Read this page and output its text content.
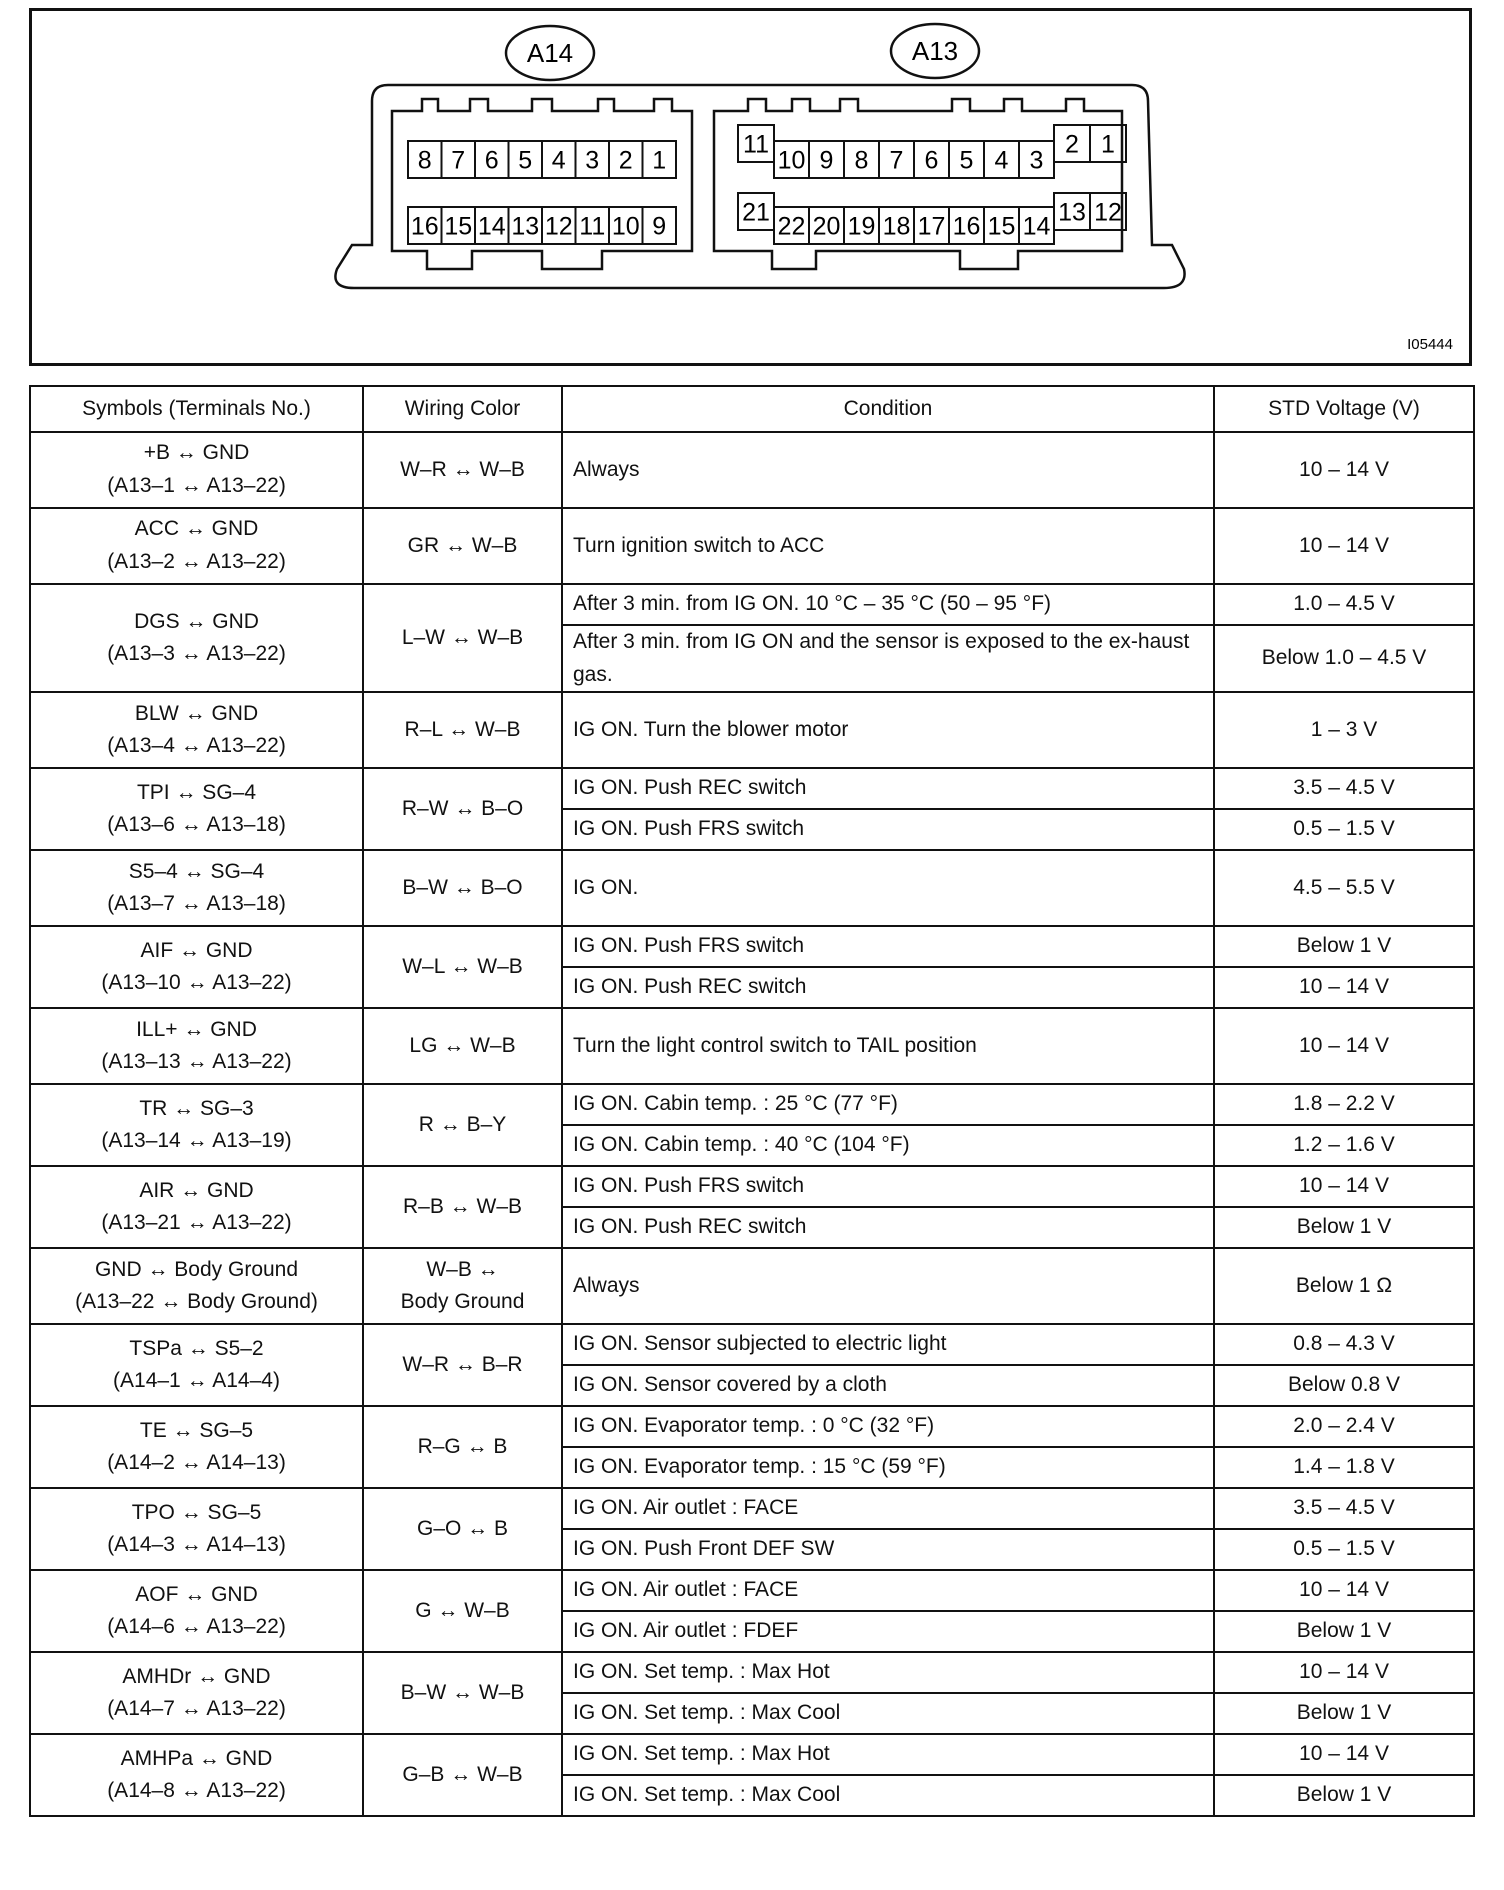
A14	A13
8 7 6 5 4 3 2 1
16 15 14 13 12 11 10 9
11
10 9 8 7 6 5 4 3
2 1
21 22 20 19 18 17 16 15 14 13 12
I05444
Symbols (Terminals No.)	Wiring Color	Condition	STD Voltage (V)

+B ↔ GND
(A13–1 ↔ A13–22)	W–R ↔ W–B	Always	10 – 14 V

ACC ↔ GND
(A13–2 ↔ A13–22)	GR ↔ W–B	Turn ignition switch to ACC	10 – 14 V

DGS ↔ GND
(A13–3 ↔ A13–22)	L–W ↔ W–B	After 3 min. from IG ON. 10 °C – 35 °C (50 – 95 °F)	1.0 – 4.5 V
		After 3 min. from IG ON and the sensor is exposed to the ex-haust gas.	Below 1.0 – 4.5 V

BLW ↔ GND
(A13–4 ↔ A13–22)	R–L ↔ W–B	IG ON. Turn the blower motor	1 – 3 V

TPI ↔ SG–4
(A13–6 ↔ A13–18)	R–W ↔ B–O	IG ON. Push REC switch	3.5 – 4.5 V
		IG ON. Push FRS switch	0.5 – 1.5 V

S5–4 ↔ SG–4
(A13–7 ↔ A13–18)	B–W ↔ B–O	IG ON.	4.5 – 5.5 V

AIF ↔ GND
(A13–10 ↔ A13–22)	W–L ↔ W–B	IG ON. Push FRS switch	Below 1 V
		IG ON. Push REC switch	10 – 14 V

ILL+ ↔ GND
(A13–13 ↔ A13–22)	LG ↔ W–B	Turn the light control switch to TAIL position	10 – 14 V

TR ↔ SG–3
(A13–14 ↔ A13–19)	R ↔ B–Y	IG ON. Cabin temp. : 25 °C (77 °F)	1.8 – 2.2 V
		IG ON. Cabin temp. : 40 °C (104 °F)	1.2 – 1.6 V

AIR ↔ GND
(A13–21 ↔ A13–22)	R–B ↔ W–B	IG ON. Push FRS switch	10 – 14 V
		IG ON. Push REC switch	Below 1 V

GND ↔ Body Ground
(A13–22 ↔ Body Ground)	W–B ↔
Body Ground	Always	Below 1 Ω

TSPa ↔ S5–2
(A14–1 ↔ A14–4)	W–R ↔ B–R	IG ON. Sensor subjected to electric light	0.8 – 4.3 V
		IG ON. Sensor covered by a cloth	Below 0.8 V

TE ↔ SG–5
(A14–2 ↔ A14–13)	R–G ↔ B	IG ON. Evaporator temp. : 0 °C (32 °F)	2.0 – 2.4 V
		IG ON. Evaporator temp. : 15 °C (59 °F)	1.4 – 1.8 V

TPO ↔ SG–5
(A14–3 ↔ A14–13)	G–O ↔ B	IG ON. Air outlet : FACE	3.5 – 4.5 V
		IG ON. Push Front DEF SW	0.5 – 1.5 V

AOF ↔ GND
(A14–6 ↔ A13–22)	G ↔ W–B	IG ON. Air outlet : FACE	10 – 14 V
		IG ON. Air outlet : FDEF	Below 1 V

AMHDr ↔ GND
(A14–7 ↔ A13–22)	B–W ↔ W–B	IG ON. Set temp. : Max Hot	10 – 14 V
		IG ON. Set temp. : Max Cool	Below 1 V

AMHPa ↔ GND
(A14–8 ↔ A13–22)	G–B ↔ W–B	IG ON. Set temp. : Max Hot	10 – 14 V
		IG ON. Set temp. : Max Cool	Below 1 V
